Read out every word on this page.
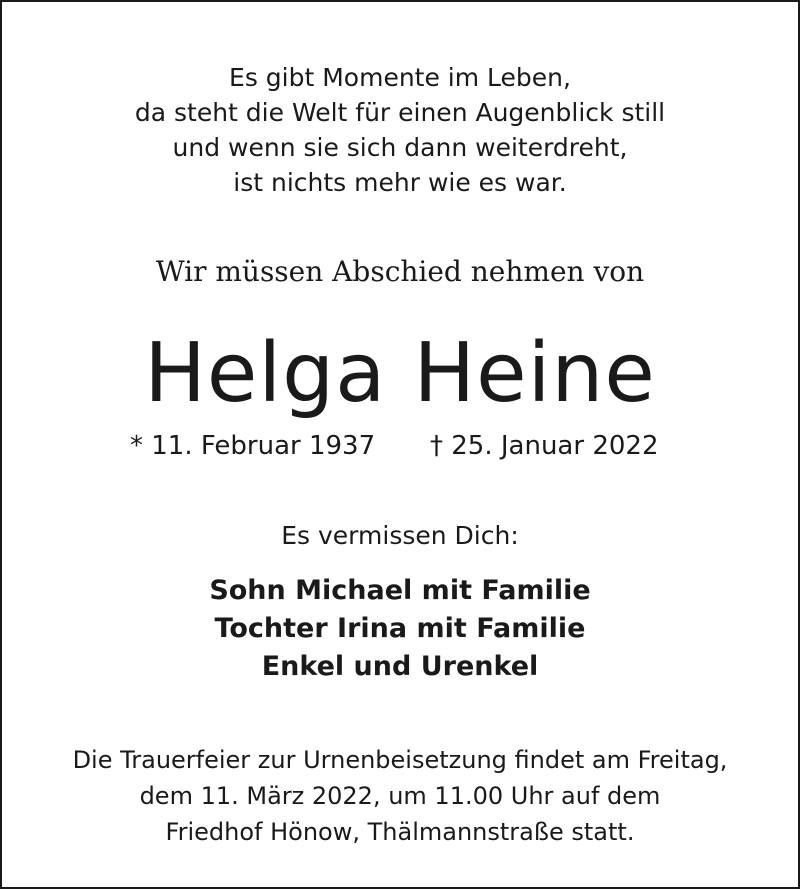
Es gibt Momente im Leben,
da steht die Welt für einen Augenblick still
und wenn sie sich dann weiterdreht,
ist nichts mehr wie es war.
Wir müssen Abschied nehmen von
Helga Heine
* 11. Februar 1937 † 25. Januar 2022
Es vermissen Dich:
Sohn Michael mit Familie
Tochter Irina mit Familie
Enkel und Urenkel
Die Trauerfeier zur Urnenbeisetzung findet am Freitag,
dem 11. März 2022, um 11.00 Uhr auf dem
Friedhof Hönow, Thälmannstraße statt.
